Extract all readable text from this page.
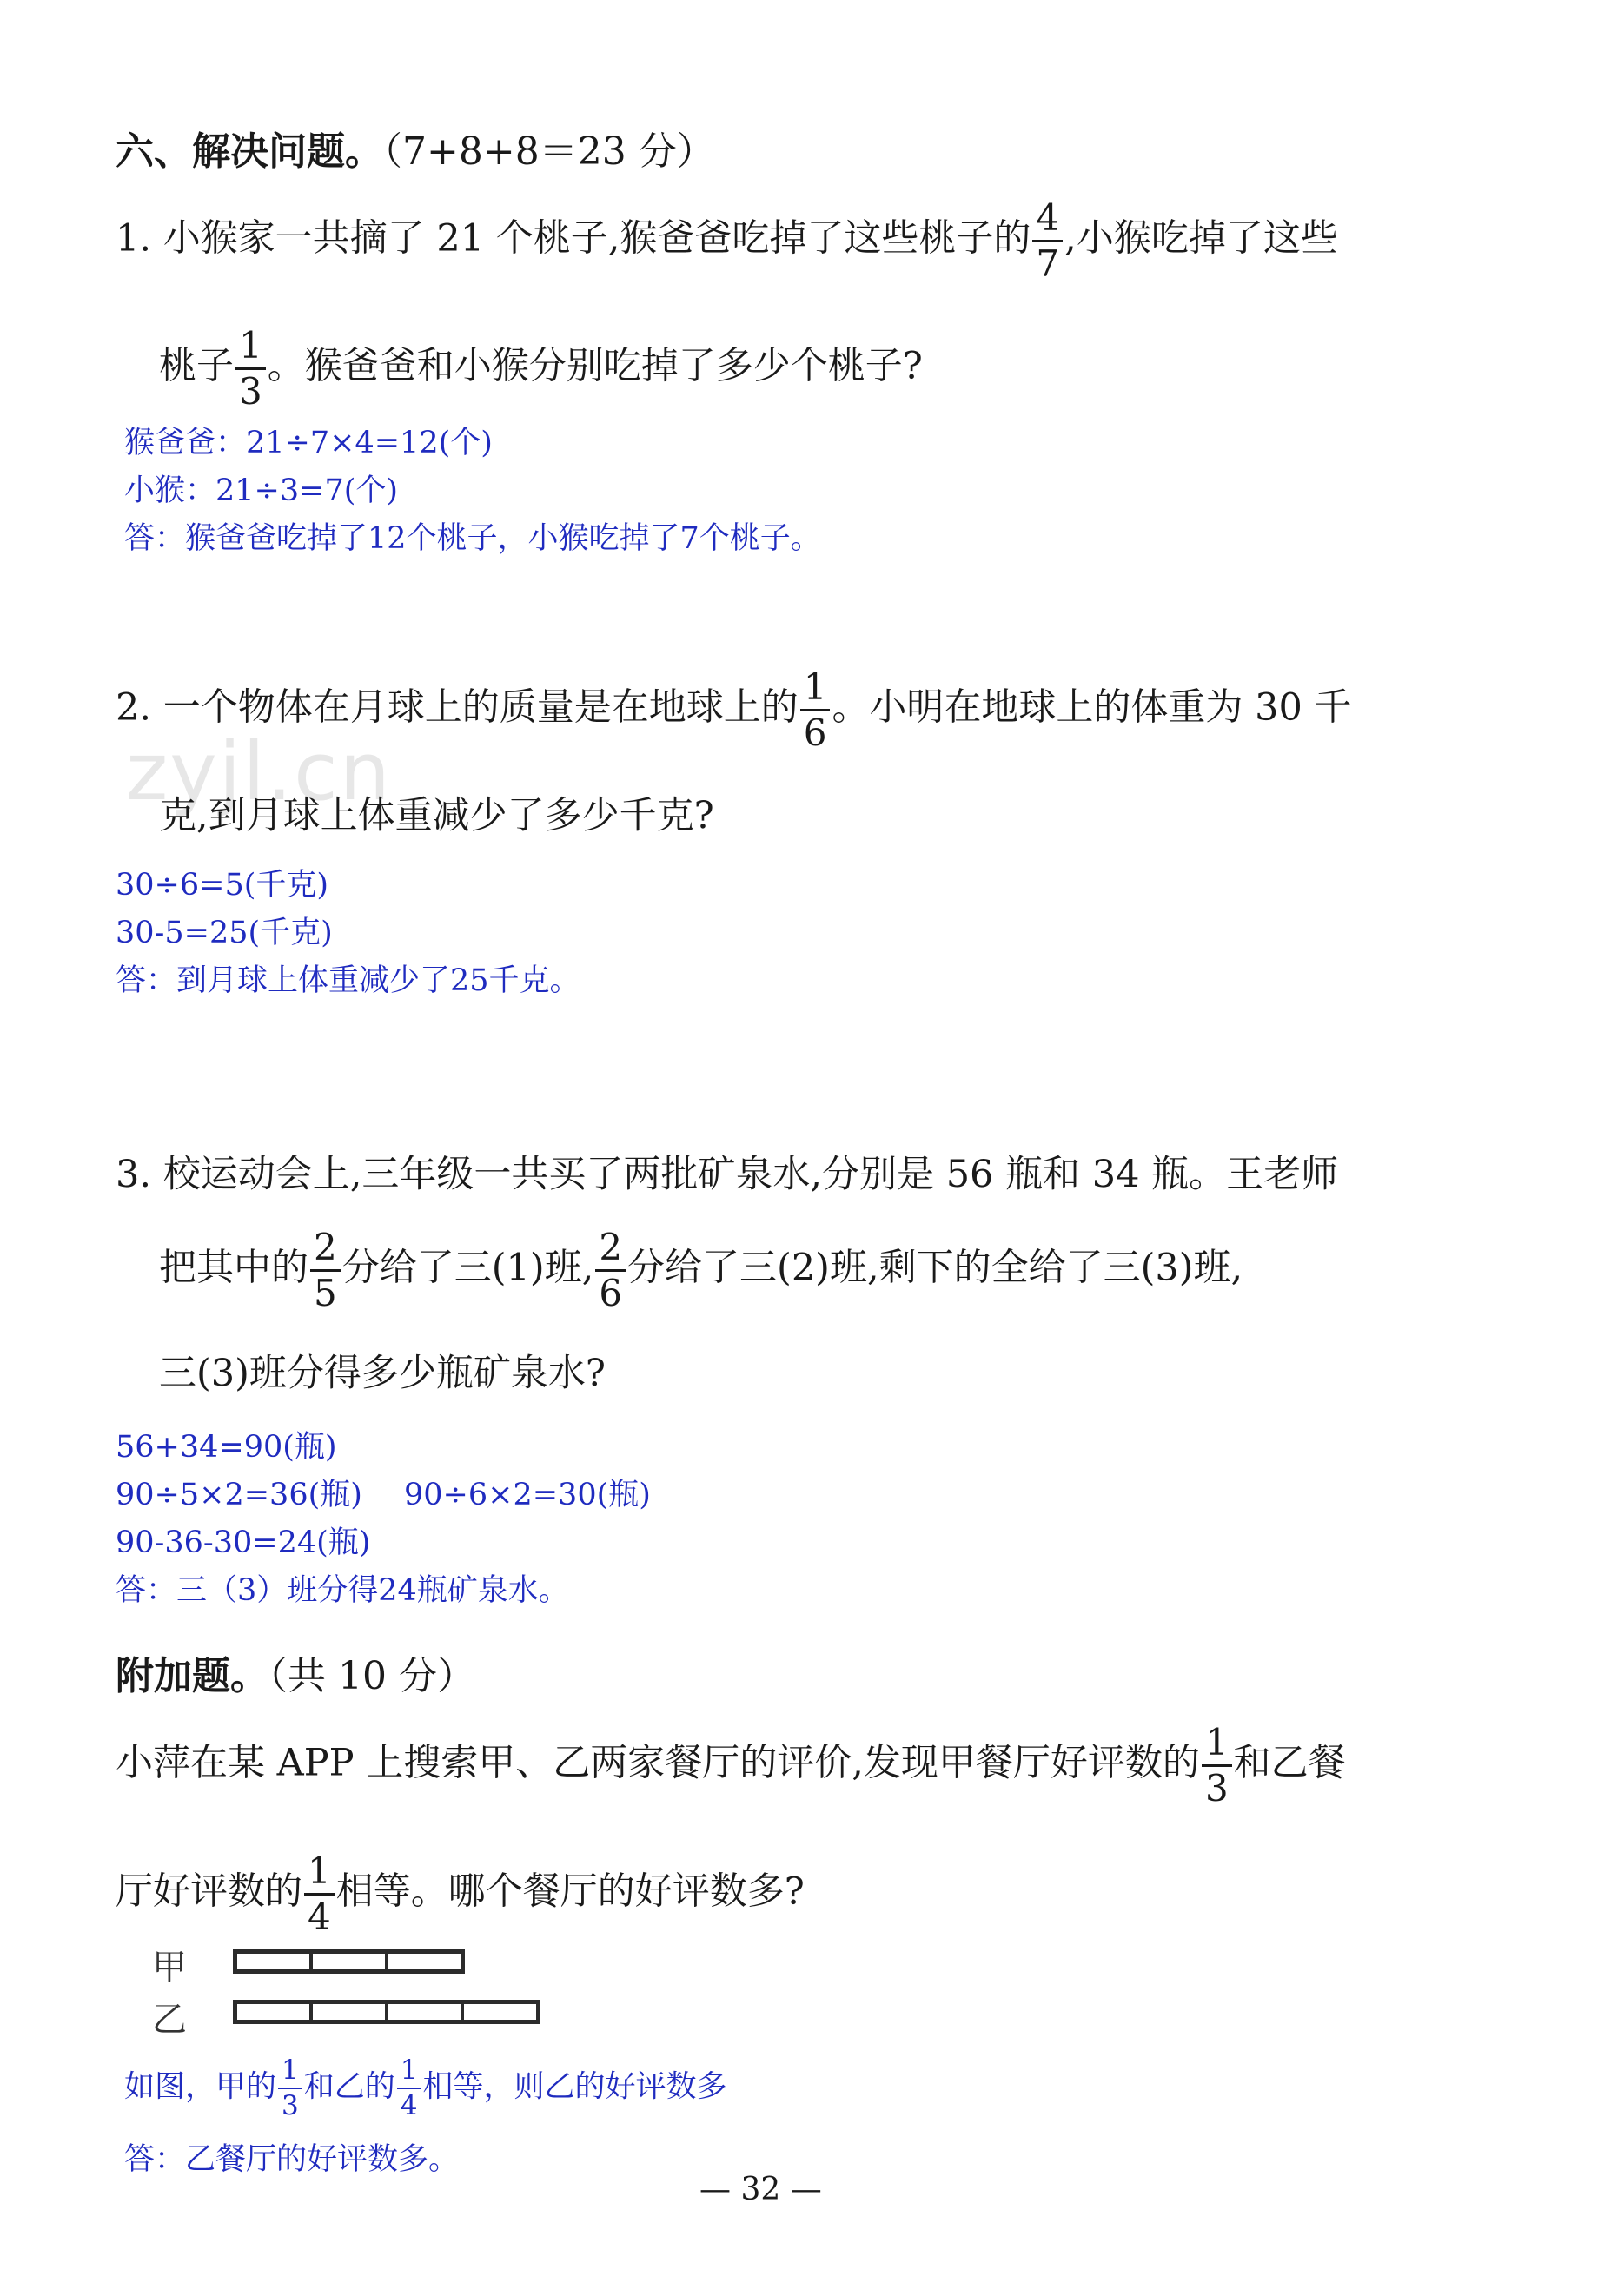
六、解决问题。（7+8+8＝23 分）
1. 小猴家一共摘了 21 个桃子,猴爸爸吃掉了这些桃子的 $\frac{4}{7}$ ,小猴吃掉了这些
桃子 $\frac{1}{3}$ 。猴爸爸和小猴分别吃掉了多少个桃子?
猴爸爸：21÷7×4=12(个)
小猴：21÷3=7(个)
答：猴爸爸吃掉了12个桃子，小猴吃掉了7个桃子。
zyjl.cn
2. 一个物体在月球上的质量是在地球上的 $\frac{1}{6}$ 。小明在地球上的体重为 30 千
克,到月球上体重减少了多少千克?
30÷6=5(千克)
30-5=25(千克)
答：到月球上体重减少了25千克。
3. 校运动会上,三年级一共买了两批矿泉水,分别是 56 瓶和 34 瓶。王老师
把其中的 $\frac{2}{5}$ 分给了三(1)班, $\frac{2}{6}$ 分给了三(2)班,剩下的全给了三(3)班,
三(3)班分得多少瓶矿泉水?
56+34=90(瓶)
90÷5×2=36(瓶) 90÷6×2=30(瓶)
90-36-30=24(瓶)
答：三（3）班分得24瓶矿泉水。
附加题。（共 10 分）
小萍在某 APP 上搜索甲、乙两家餐厅的评价,发现甲餐厅好评数的 $\frac{1}{3}$ 和乙餐
厅好评数的 $\frac{1}{4}$ 相等。哪个餐厅的好评数多?
甲
乙
如图，甲的 $\frac{1}{3}$ 和乙的 $\frac{1}{4}$ 相等，则乙的好评数多
答：乙餐厅的好评数多。
— 32 —
